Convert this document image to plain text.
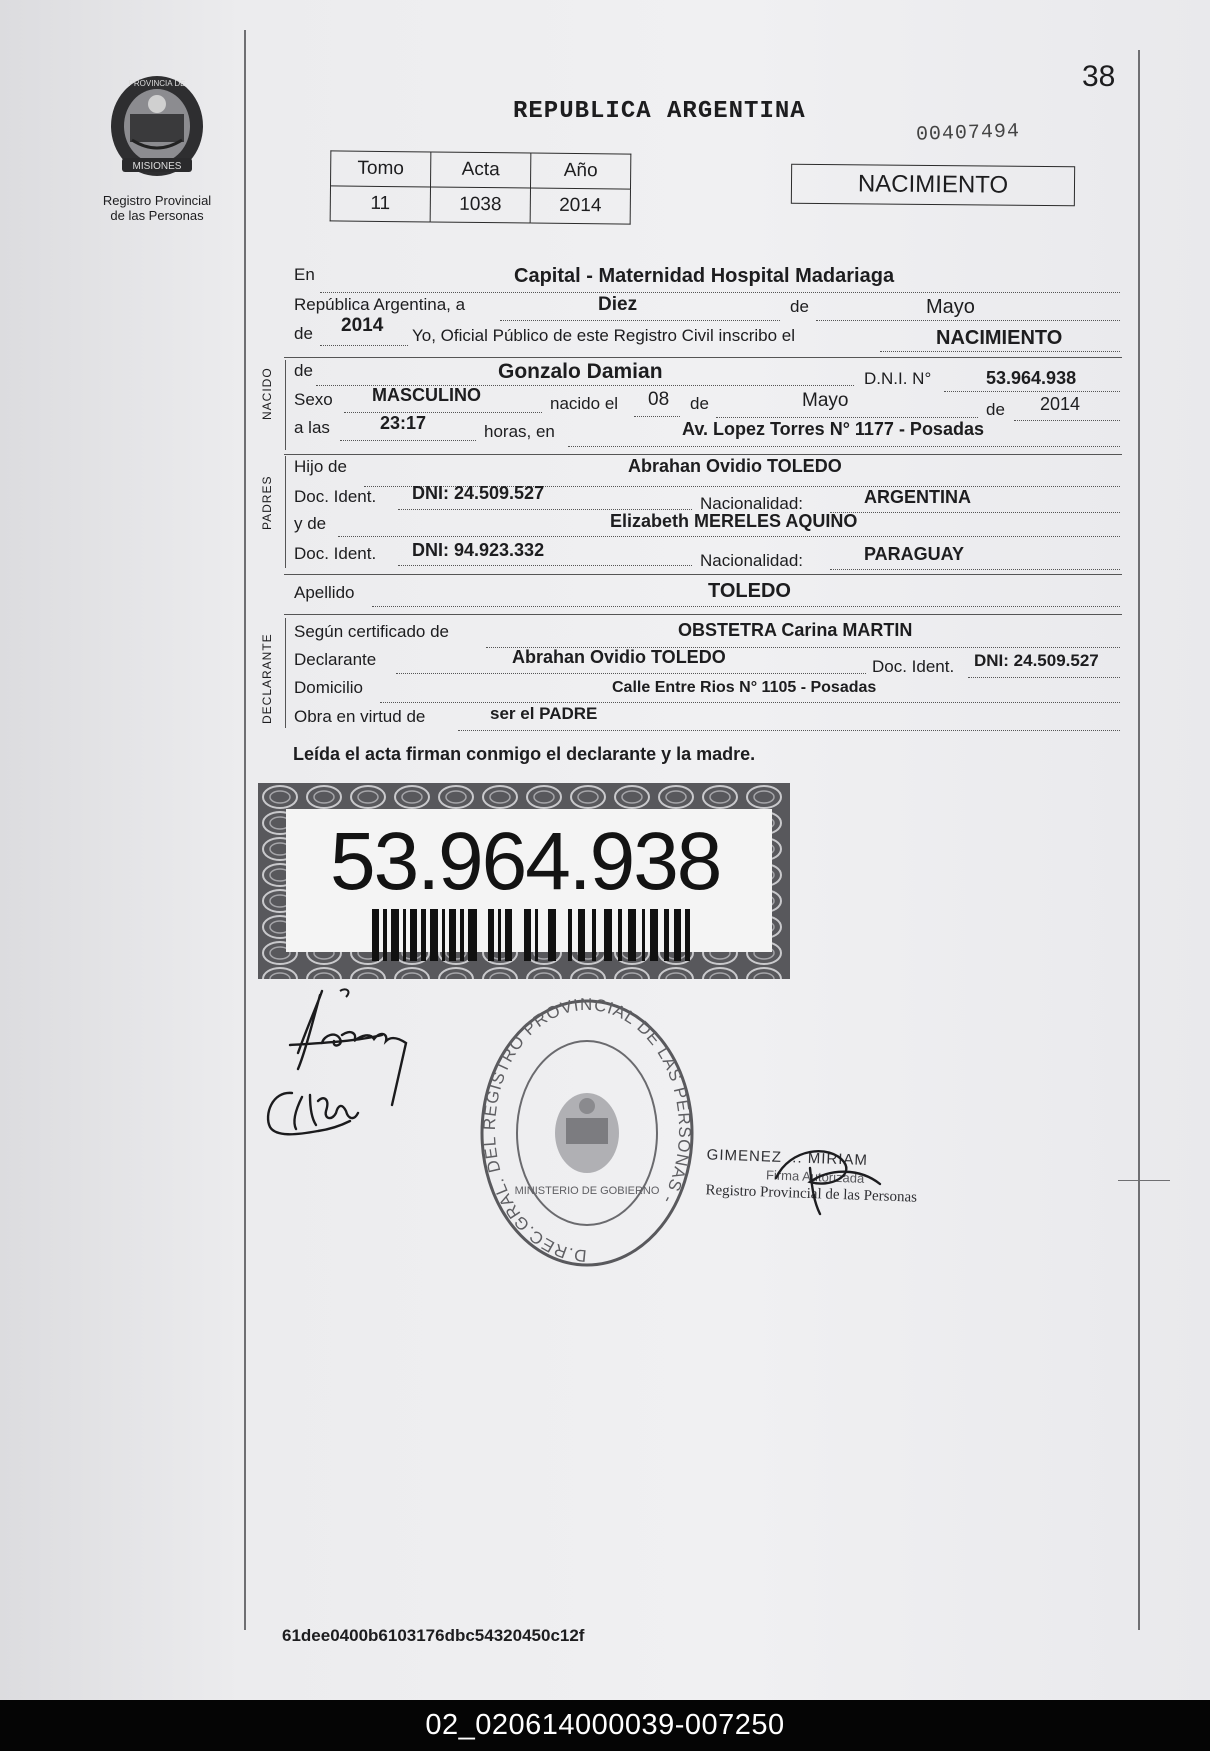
MISIONES
PROVINCIA DE
Registro Provincial
de las Personas
38
REPUBLICA ARGENTINA
00407494
Tomo	Acta	Año
11	1038	2014
NACIMIENTO
En	Capital - Maternidad Hospital Madariaga
República Argentina, a	Diez	de	Mayo
de 2014 Yo, Oficial Público de este Registro Civil inscribo el	NACIMIENTO
NACIDO de	Gonzalo Damian	D.N.I. N°	53.964.938
Sexo MASCULINO	nacido el 08 de	Mayo	de 2014
a las	23:17	horas, en	Av. Lopez Torres N° 1177 - Posadas
PADRES
Hijo de	Abrahan Ovidio TOLEDO
Doc. Ident. DNI: 24.509.527
Nacionalidad:	ARGENTINA
y de	Elizabeth MERELES AQUINO
Doc. Ident. DNI: 94.923.332
Nacionalidad:	PARAGUAY
Apellido	TOLEDO
DECLARANTE
Según certificado de	OBSTETRA Carina MARTIN
Declarante	Abrahan Ovidio TOLEDO	Doc. Ident. DNI: 24.509.527
Domicilio	Calle Entre Rios N° 1105 - Posadas
Obra en virtud de	ser el PADRE
Leída el acta firman conmigo el declarante y la madre.
53.964.938
D.REC.GRAL. DEL REGISTRO PROVINCIAL DE LAS PERSONAS -
MINISTERIO DE GOBIERNO
GIMENEZ ... MIRIAM
Firma Autorizada
Registro Provincial de las Personas
61dee0400b6103176dbc54320450c12f
02_020614000039-007250
